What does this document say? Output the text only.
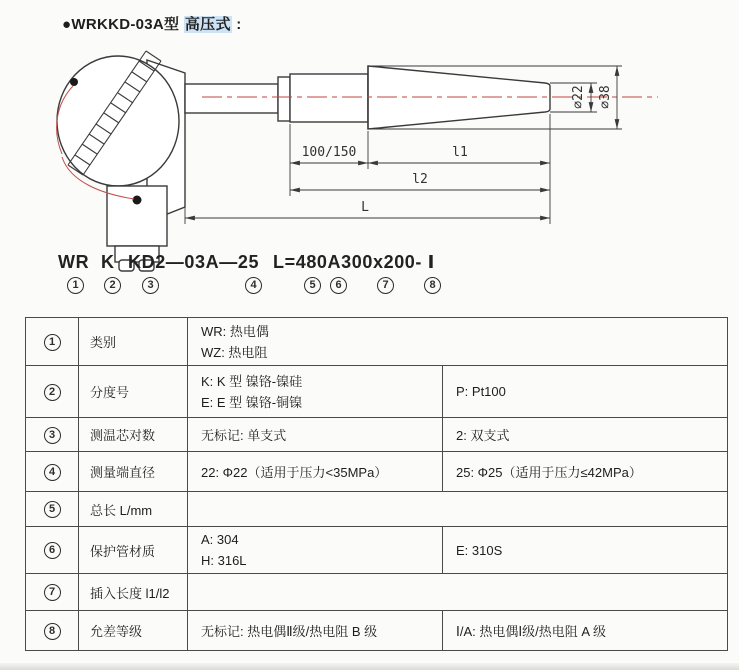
●WRKKD-03A型 高压式 :
100/150	l1
l2
L
⌀22 ⌀38
WR K KD2—03A—25 L=480A300x200- Ⅰ
1	2	3	4	5	6	7	8
1	类别	WR: 热电偶
WZ: 热电阻	

2	分度号	K: K 型 镍铬-镍硅
E: E 型 镍铬-铜镍	P: Pt100
3	测温芯对数	无标记: 单支式	2: 双支式
4	测量端直径	22: Φ22（适用于压力<35MPa）	25: Φ25（适用于压力≤42MPa）
5	总长 L/mm		
6	保护管材质	A: 304
H: 316L	E: 310S
7	插入长度 l1/l2		
8	允差等级	无标记: 热电偶Ⅱ级/热电阻 B 级	Ⅰ/A: 热电偶Ⅰ级/热电阻 A 级
